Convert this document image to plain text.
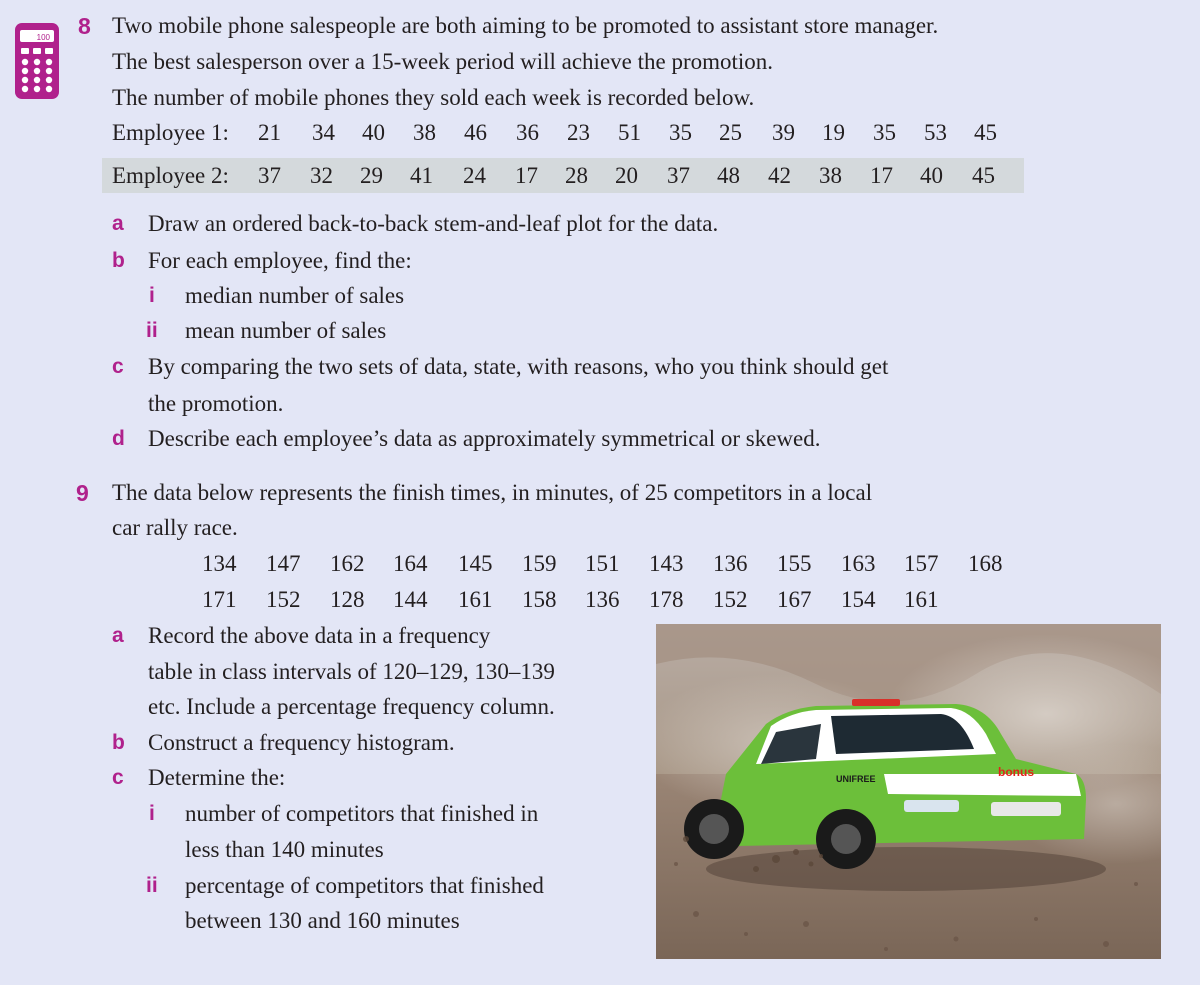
100 8 Two mobile phone salespeople are both aiming to be promoted to assistant store manager.
The best salesperson over a 15-week period will achieve the promotion.
The number of mobile phones they sold each week is recorded below.
Employee 1: 21 34 40 38 46 36 23 51 35 25 39 19 35 53 45
Employee 2: 37 32 29 41 24 17 28 20 37 48 42 38 17 40 45
a Draw an ordered back-to-back stem-and-leaf plot for the data.
b For each employee, find the:
i median number of sales
ii mean number of sales
c By comparing the two sets of data, state, with reasons, who you think should get
the promotion.
d Describe each employee’s data as approximately symmetrical or skewed.
9 The data below represents the finish times, in minutes, of 25 competitors in a local
car rally race.
134 147 162 164 145 159 151 143 136 155 163 157 168
171 152 128 144 161 158 136 178 152 167 154 161
a Record the above data in a frequency
table in class intervals of 120–129, 130–139
etc. Include a percentage frequency column.
b Construct a frequency histogram.
c Determine the:
i number of competitors that finished in
less than 140 minutes
ii percentage of competitors that finished
between 130 and 160 minutes
bonus
UNIFREE
